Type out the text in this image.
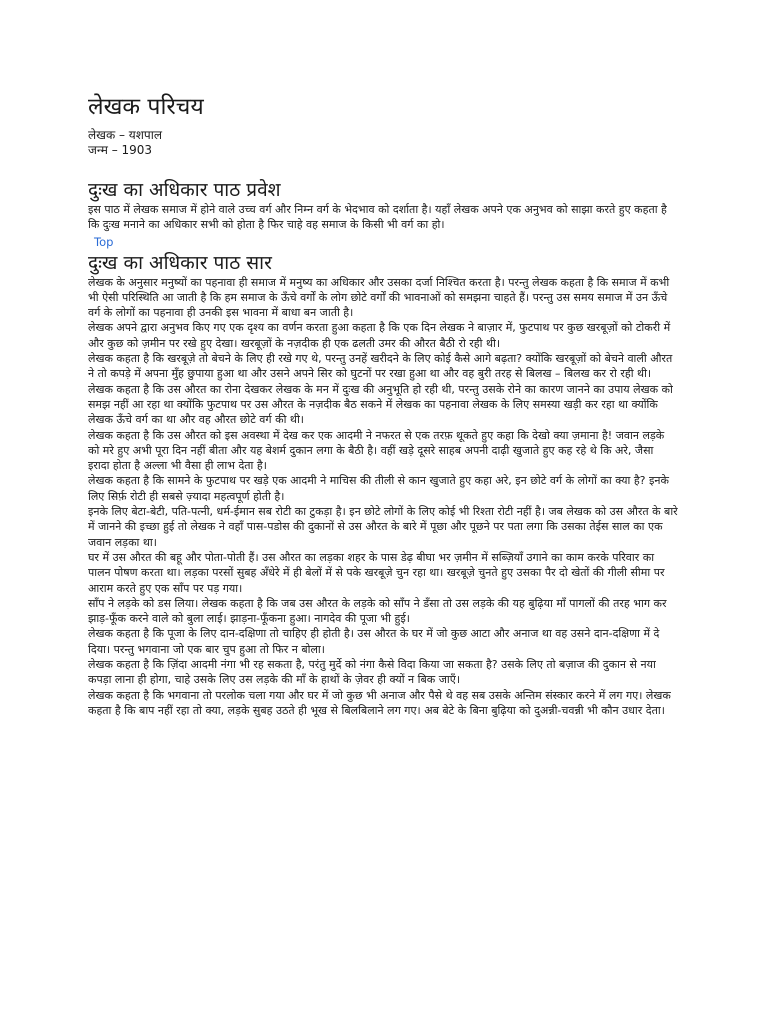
लेखक परिचय
लेखक – यशपाल
जन्म – 1903
दुःख का अधिकार पाठ प्रवेश

इस पाठ में लेखक समाज में होने वाले उच्च वर्ग और निम्न वर्ग के भेदभाव को दर्शाता है। यहाँ लेखक अपने एक अनुभव को साझा करते हुए कहता है कि दुःख मनाने का अधिकार सभी को होता है फिर चाहे वह समाज के किसी भी वर्ग का हो।

Top
दुःख का अधिकार पाठ सार

लेखक के अनुसार मनुष्यों का पहनावा ही समाज में मनुष्य का अधिकार और उसका दर्जा निश्चित करता है। परन्तु लेखक कहता है कि समाज में कभी भी ऐसी परिस्थिति आ जाती है कि हम समाज के ऊँचे वर्गों के लोग छोटे वर्गों की भावनाओं को समझना चाहते हैं। परन्तु उस समय समाज में उन ऊँचे वर्ग के लोगों का पहनावा ही उनकी इस भावना में बाधा बन जाती है।

लेखक अपने द्वारा अनुभव किए गए एक दृश्य का वर्णन करता हुआ कहता है कि एक दिन लेखक ने बाज़ार में, फुटपाथ पर कुछ खरबूज़ों को टोकरी में और कुछ को ज़मीन पर रखे हुए देखा। खरबूज़ों के नज़दीक ही एक ढलती उमर की औरत बैठी रो रही थी।

लेखक कहता है कि खरबूज़े तो बेचने के लिए ही रखे गए थे, परन्तु उनहें खरीदने के लिए कोई कैसे आगे बढ़ता? क्योंकि खरबूज़ों को बेचने वाली औरत ने तो कपड़े में अपना मुँह छुपाया हुआ था और उसने अपने सिर को घुटनों पर रखा हुआ था और वह बुरी तरह से बिलख – बिलख कर रो रही थी।

लेखक कहता है कि उस औरत का रोना देखकर लेखक के मन में दुःख की अनुभूति हो रही थी, परन्तु उसके रोने का कारण जानने का उपाय लेखक को समझ नहीं आ रहा था क्योंकि फुटपाथ पर उस औरत के नज़दीक बैठ सकने में लेखक का पहनावा लेखक के लिए समस्या खड़ी कर रहा था क्योंकि लेखक ऊँचे वर्ग का था और वह औरत छोटे वर्ग की थी।

लेखक कहता है कि उस औरत को इस अवस्था में देख कर एक आदमी ने नफरत से एक तरफ़ थूकते हुए कहा कि देखो क्या ज़माना है! जवान लड़के को मरे हुए अभी पूरा दिन नहीं बीता और यह बेशर्म दुकान लगा के बैठी है। वहीं खड़े दूसरे साहब अपनी दाढ़ी खुजाते हुए कह रहे थे कि अरे, जैसा इरादा होता है अल्ला भी वैसा ही लाभ देता है।

लेखक कहता है कि सामने के फुटपाथ पर खड़े एक आदमी ने माचिस की तीली से कान खुजाते हुए कहा अरे, इन छोटे वर्ग के लोगों का क्या है? इनके लिए सिर्फ़ रोटी ही सबसे ज़्यादा महत्वपूर्ण होती है।

इनके लिए बेटा-बेटी, पति-पत्नी, धर्म-ईमान सब रोटी का टुकड़ा है। इन छोटे लोगों के लिए कोई भी रिश्ता रोटी नहीं है। जब लेखक को उस औरत के बारे में जानने की इच्छा हुई तो लेखक ने वहाँ पास-पडोस की दुकानों से उस औरत के बारे में पूछा और पूछने पर पता लगा कि उसका तेईस साल का एक जवान लड़का था।

घर में उस औरत की बहू और पोता-पोती हैं। उस औरत का लड़का शहर के पास डेढ़ बीघा भर ज़मीन में सब्ज़ियाँ उगाने का काम करके परिवार का पालन पोषण करता था। लड़का परसों सुबह अँधेरे में ही बेलों में से पके खरबूज़े चुन रहा था। खरबूज़े चुनते हुए उसका पैर दो खेतों की गीली सीमा पर आराम करते हुए एक साँप पर पड़ गया।

साँप ने लड़के को डस लिया। लेखक कहता है कि जब उस औरत के लड़के को साँप ने डँसा तो उस लड़के की यह बुढ़िया माँ पागलों की तरह भाग कर झाड़-फूँक करने वाले को बुला लाई। झाड़ना-फूँकना हुआ। नागदेव की पूजा भी हुई।

लेखक कहता है कि पूजा के लिए दान-दक्षिणा तो चाहिए ही होती है। उस औरत के घर में जो कुछ आटा और अनाज था वह उसने दान-दक्षिणा में दे दिया। परन्तु भगवाना जो एक बार चुप हुआ तो फिर न बोला।

लेखक कहता है कि ज़िंदा आदमी नंगा भी रह सकता है, परंतु मुर्दे को नंगा कैसे विदा किया जा सकता है? उसके लिए तो बज़ाज की दुकान से नया कपड़ा लाना ही होगा, चाहे उसके लिए उस लड़के की माँ के हाथों के ज़ेवर ही क्यों न बिक जाएँ।

लेखक कहता है कि भगवाना तो परलोक चला गया और घर में जो कुछ भी अनाज और पैसे थे वह सब उसके अन्तिम संस्कार करने में लग गए। लेखक कहता है कि बाप नहीं रहा तो क्या, लड़के सुबह उठते ही भूख से बिलबिलाने लग गए। अब बेटे के बिना बुढ़िया को दुअन्नी-चवन्नी भी कौन उधार देता।
